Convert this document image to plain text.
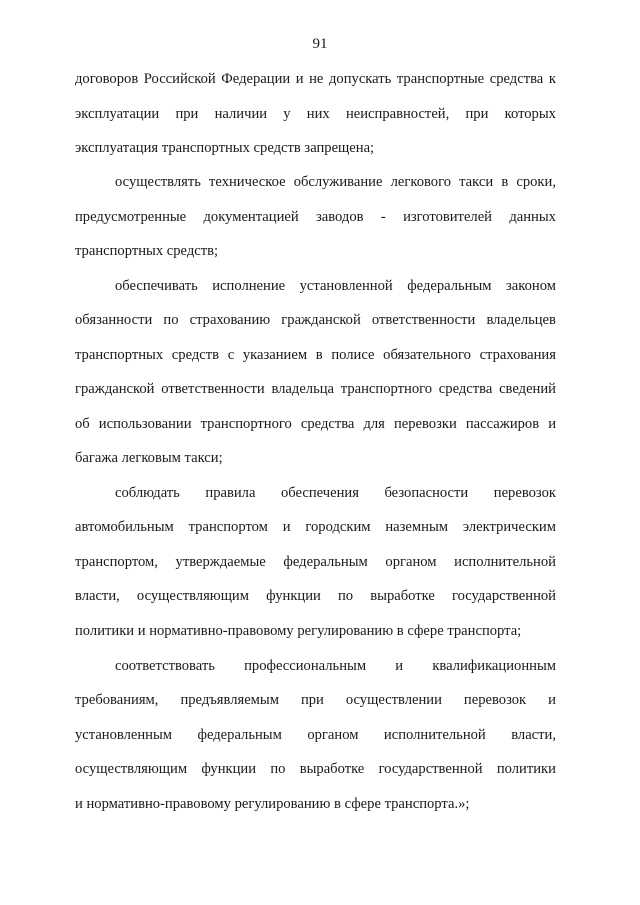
91
договоров Российской Федерации и не допускать транспортные средства к
эксплуатации при наличии у них неисправностей, при которых
эксплуатация транспортных средств запрещена;
осуществлять техническое обслуживание легкового такси в сроки,
предусмотренные документацией заводов - изготовителей данных
транспортных средств;
обеспечивать исполнение установленной федеральным законом
обязанности по страхованию гражданской ответственности владельцев
транспортных средств с указанием в полисе обязательного страхования
гражданской ответственности владельца транспортного средства сведений
об использовании транспортного средства для перевозки пассажиров и
багажа легковым такси;
соблюдать правила обеспечения безопасности перевозок
автомобильным транспортом и городским наземным электрическим
транспортом, утверждаемые федеральным органом исполнительной
власти, осуществляющим функции по выработке государственной
политики и нормативно-правовому регулированию в сфере транспорта;
соответствовать профессиональным и квалификационным
требованиям, предъявляемым при осуществлении перевозок и
установленным федеральным органом исполнительной власти,
осуществляющим функции по выработке государственной политики
и нормативно-правовому регулированию в сфере транспорта.»;
